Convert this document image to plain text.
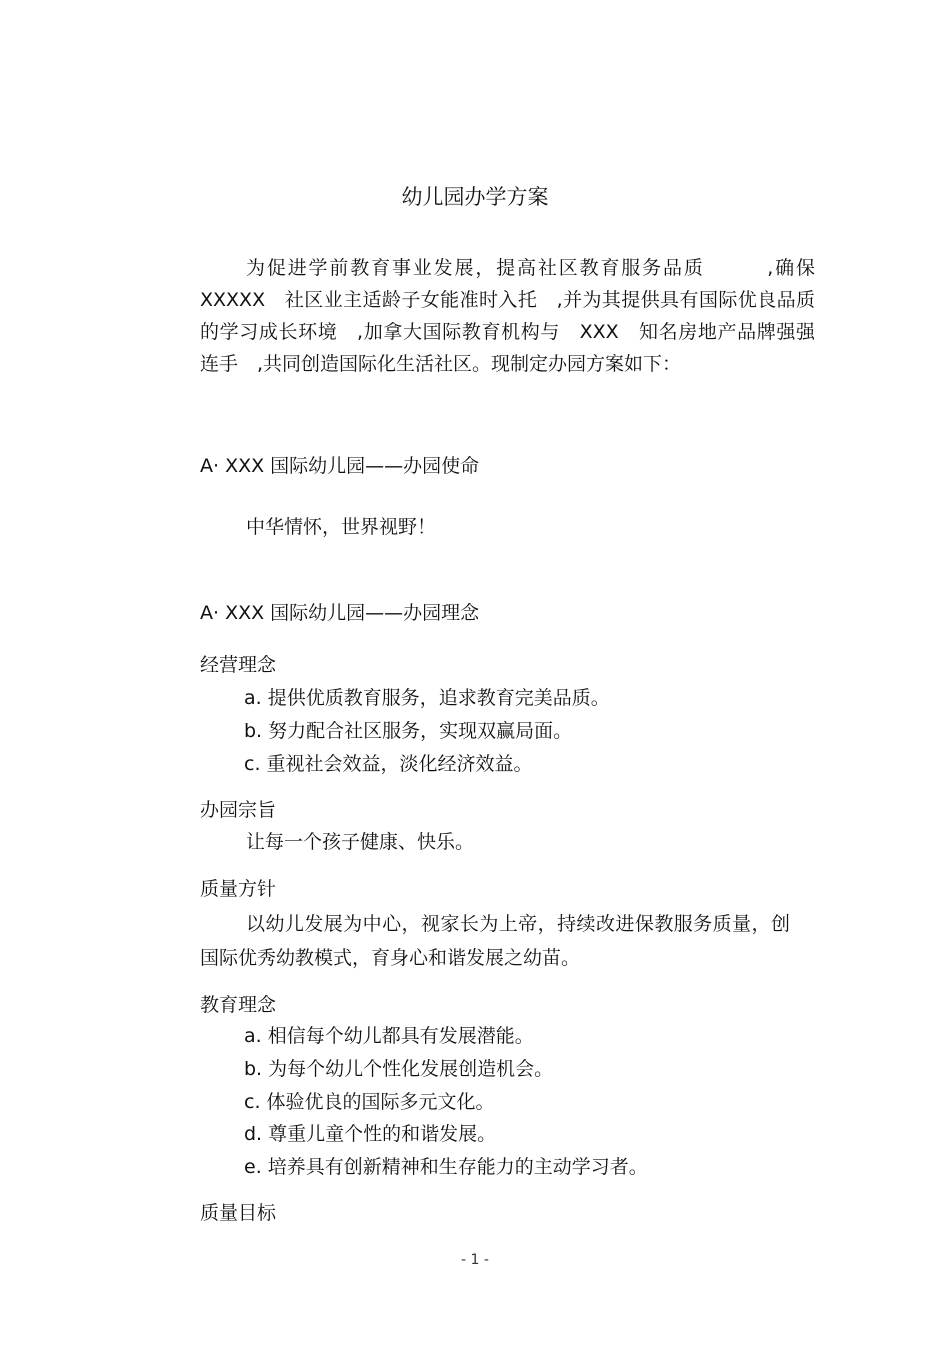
幼儿园办学方案

为促进学前教育事业发展，提高社区教育服务品质　　　,确保XXXXX　社区业主适龄子女能准时入托　,并为其提供具有国际优良品质的学习成长环境　,加拿大国际教育机构与　XXX　知名房地产品牌强强连手　,共同创造国际化生活社区。现制定办园方案如下：

A· XXX 国际幼儿园——办园使命
中华情怀，世界视野！
A· XXX 国际幼儿园——办园理念
经营理念
a. 提供优质教育服务，追求教育完美品质。
b. 努力配合社区服务，实现双赢局面。
c. 重视社会效益，淡化经济效益。
办园宗旨
让每一个孩子健康、快乐。
质量方针

以幼儿发展为中心，视家长为上帝，持续改进保教服务质量，创国际优秀幼教模式，育身心和谐发展之幼苗。

教育理念
a. 相信每个幼儿都具有发展潜能。
b. 为每个幼儿个性化发展创造机会。
c. 体验优良的国际多元文化。
d. 尊重儿童个性的和谐发展。
e. 培养具有创新精神和生存能力的主动学习者。
质量目标
- 1 -
